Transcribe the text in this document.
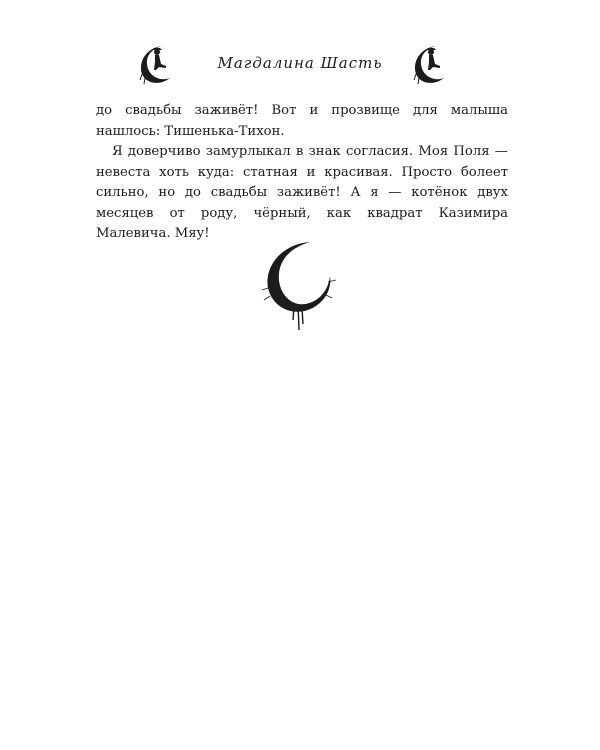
Магдалина Шасть

до свадьбы заживёт! Вот и прозвище для малыша нашлось: Тишенька-Тихон.

Я доверчиво замурлыкал в знак согласия. Моя Поля — невеста хоть куда: статная и красивая. Просто болеет сильно, но до свадьбы заживёт! А я — котёнок двух месяцев от роду, чёрный, как квадрат Казимира Малевича. Мяу!
